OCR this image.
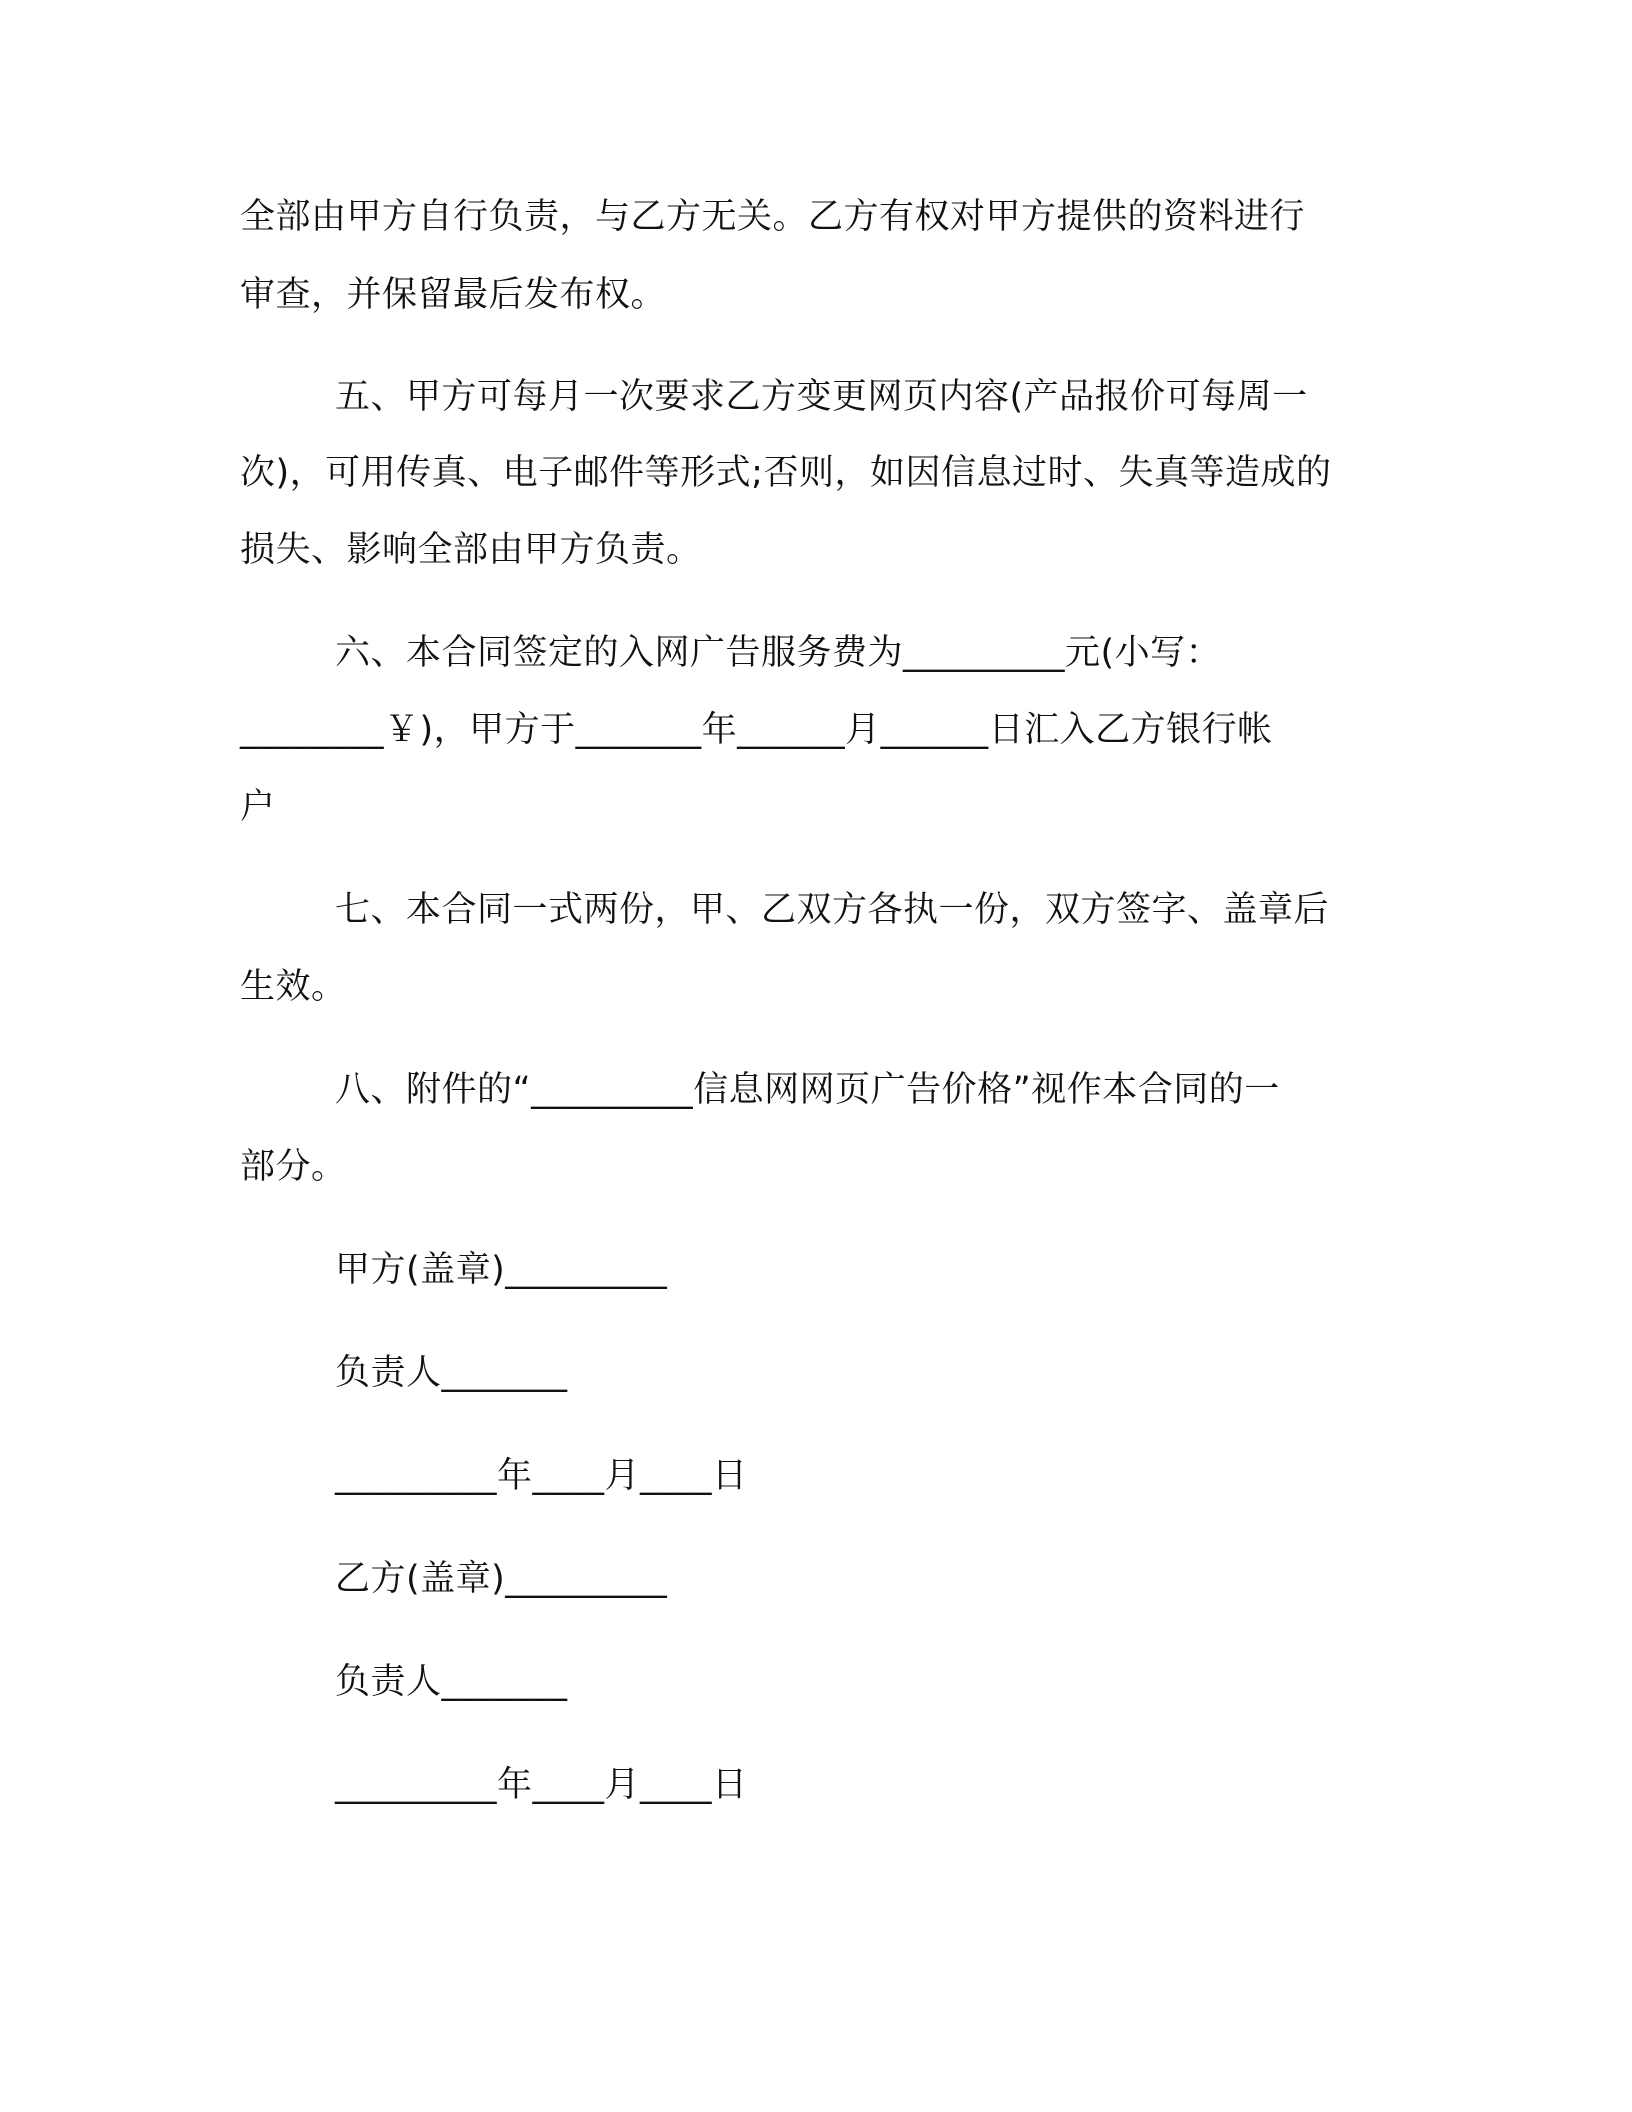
全部由甲方自行负责，与乙方无关。乙方有权对甲方提供的资料进行
审查，并保留最后发布权。
五、甲方可每月一次要求乙方变更网页内容(产品报价可每周一
次)，可用传真、电子邮件等形式;否则，如因信息过时、失真等造成的
损失、影响全部由甲方负责。
六、本合同签定的入网广告服务费为_________元(小写：
________￥)，甲方于_______年______月______日汇入乙方银行帐
户
七、本合同一式两份，甲、乙双方各执一份，双方签字、盖章后
生效。
八、附件的“_________信息网网页广告价格”视作本合同的一
部分。
甲方(盖章)_________
负责人_______
_________年____月____日
乙方(盖章)_________
负责人_______
_________年____月____日
